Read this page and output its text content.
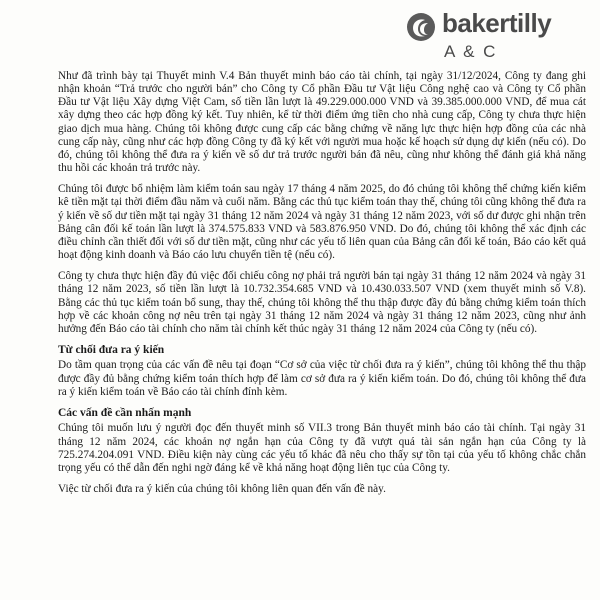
bakertilly
A & C

Như đã trình bày tại Thuyết minh V.4 Bản thuyết minh báo cáo tài chính, tại ngày 31/12/2024, Công ty đang ghi nhận khoản “Trả trước cho người bán” cho Công ty Cổ phần Đầu tư Vật liệu Công nghệ cao và Công ty Cổ phần Đầu tư Vật liệu Xây dựng Việt Cam, số tiền lần lượt là 49.229.000.000 VND và 39.385.000.000 VND, để mua cát xây dựng theo các hợp đồng ký kết. Tuy nhiên, kể từ thời điểm ứng tiền cho nhà cung cấp, Công ty chưa thực hiện giao dịch mua hàng. Chúng tôi không được cung cấp các bằng chứng về năng lực thực hiện hợp đồng của các nhà cung cấp này, cũng như các hợp đồng Công ty đã ký kết với người mua hoặc kế hoạch sử dụng dự kiến (nếu có). Do đó, chúng tôi không thể đưa ra ý kiến về số dư trả trước người bán đã nêu, cũng như không thể đánh giá khả năng thu hồi các khoản trả trước này.

Chúng tôi được bổ nhiệm làm kiểm toán sau ngày 17 tháng 4 năm 2025, do đó chúng tôi không thể chứng kiến kiểm kê tiền mặt tại thời điểm đầu năm và cuối năm. Bằng các thủ tục kiểm toán thay thế, chúng tôi cũng không thể đưa ra ý kiến về số dư tiền mặt tại ngày 31 tháng 12 năm 2024 và ngày 31 tháng 12 năm 2023, với số dư được ghi nhận trên Bảng cân đối kế toán lần lượt là 374.575.833 VND và 583.876.950 VND. Do đó, chúng tôi không thể xác định các điều chỉnh cần thiết đối với số dư tiền mặt, cũng như các yếu tố liên quan của Bảng cân đối kế toán, Báo cáo kết quả hoạt động kinh doanh và Báo cáo lưu chuyển tiền tệ (nếu có).

Công ty chưa thực hiện đầy đủ việc đối chiếu công nợ phải trả người bán tại ngày 31 tháng 12 năm 2024 và ngày 31 tháng 12 năm 2023, số tiền lần lượt là 10.732.354.685 VND và 10.430.033.507 VND (xem thuyết minh số V.8). Bằng các thủ tục kiểm toán bổ sung, thay thế, chúng tôi không thể thu thập được đầy đủ bằng chứng kiểm toán thích hợp về các khoản công nợ nêu trên tại ngày 31 tháng 12 năm 2024 và ngày 31 tháng 12 năm 2023, cũng như ảnh hưởng đến Báo cáo tài chính cho năm tài chính kết thúc ngày 31 tháng 12 năm 2024 của Công ty (nếu có).

Từ chối đưa ra ý kiến

Do tầm quan trọng của các vấn đề nêu tại đoạn “Cơ sở của việc từ chối đưa ra ý kiến”, chúng tôi không thể thu thập được đầy đủ bằng chứng kiểm toán thích hợp để làm cơ sở đưa ra ý kiến kiểm toán. Do đó, chúng tôi không thể đưa ra ý kiến kiểm toán về Báo cáo tài chính đính kèm.

Các vấn đề cần nhấn mạnh

Chúng tôi muốn lưu ý người đọc đến thuyết minh số VII.3 trong Bản thuyết minh báo cáo tài chính. Tại ngày 31 tháng 12 năm 2024, các khoản nợ ngắn hạn của Công ty đã vượt quá tài sản ngắn hạn của Công ty là 725.274.204.091 VND. Điều kiện này cùng các yếu tố khác đã nêu cho thấy sự tồn tại của yếu tố không chắc chắn trọng yếu có thể dẫn đến nghi ngờ đáng kể về khả năng hoạt động liên tục của Công ty.

Việc từ chối đưa ra ý kiến của chúng tôi không liên quan đến vấn đề này.
